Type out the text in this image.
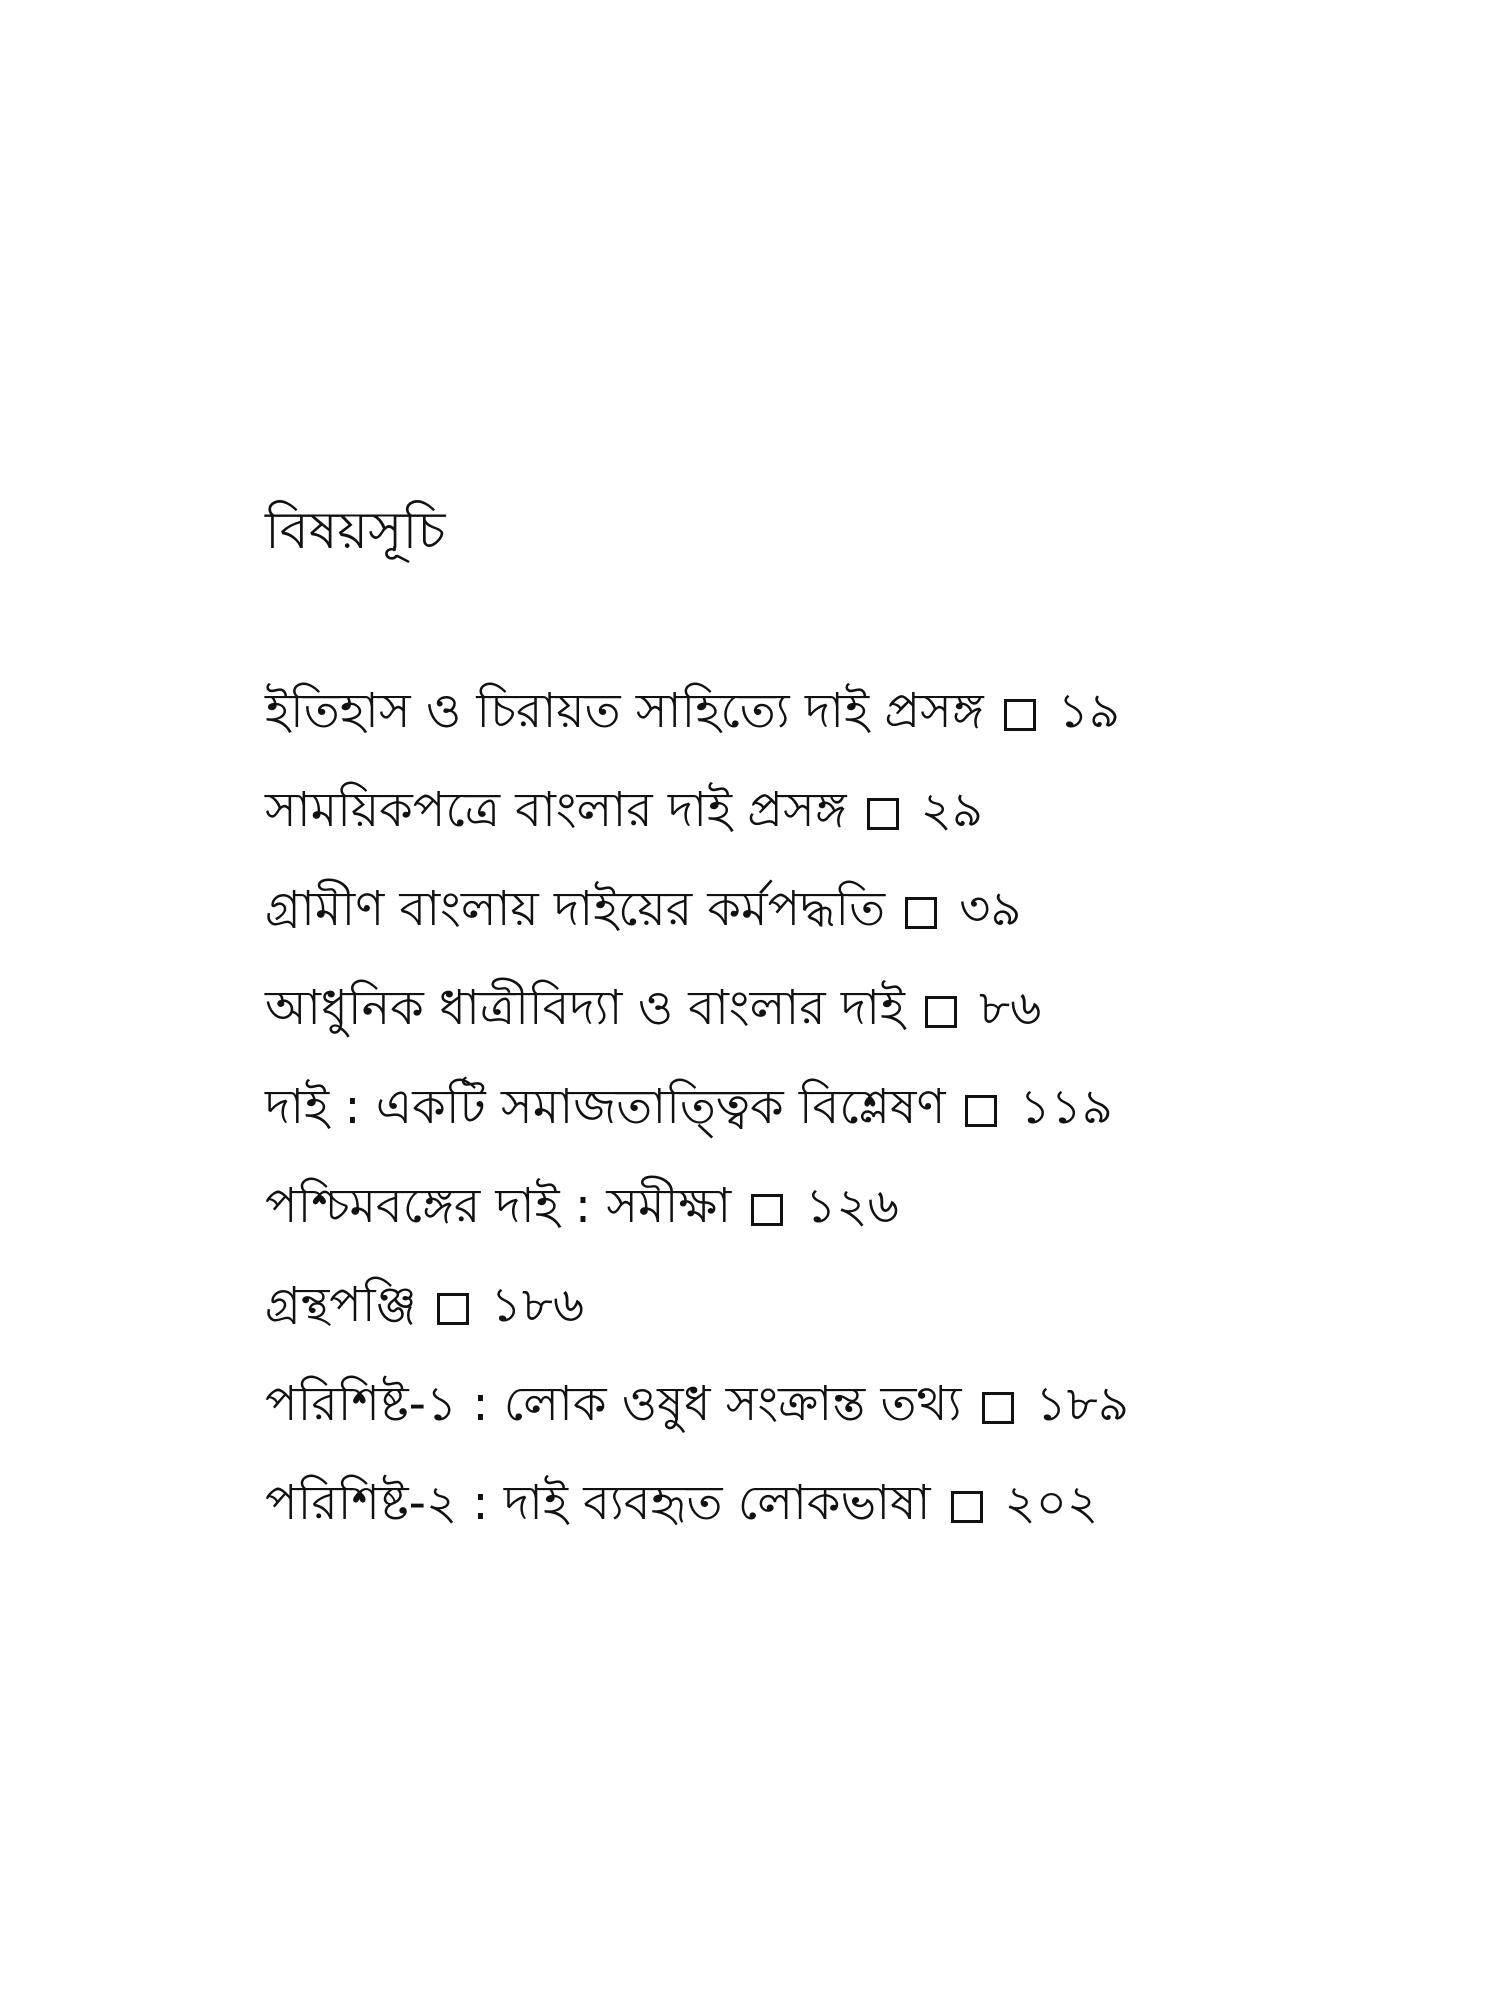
বিষয়সূচি
ইতিহাস ও চিরায়ত সাহিত্যে দাই প্রসঙ্গ ১৯
সাময়িকপত্রে বাংলার দাই প্রসঙ্গ ২৯
গ্রামীণ বাংলায় দাইয়ের কর্মপদ্ধতি ৩৯
আধুনিক ধাত্রীবিদ্যা ও বাংলার দাই ৮৬
দাই : একটি সমাজতাত্ত্বিক বিশ্লেষণ ১১৯
পশ্চিমবঙ্গের দাই : সমীক্ষা ১২৬
গ্রন্থপঞ্জি ১৮৬
পরিশিষ্ট-১ : লোক ওষুধ সংক্রান্ত তথ্য ১৮৯
পরিশিষ্ট-২ : দাই ব্যবহৃত লোকভাষা ২০২
